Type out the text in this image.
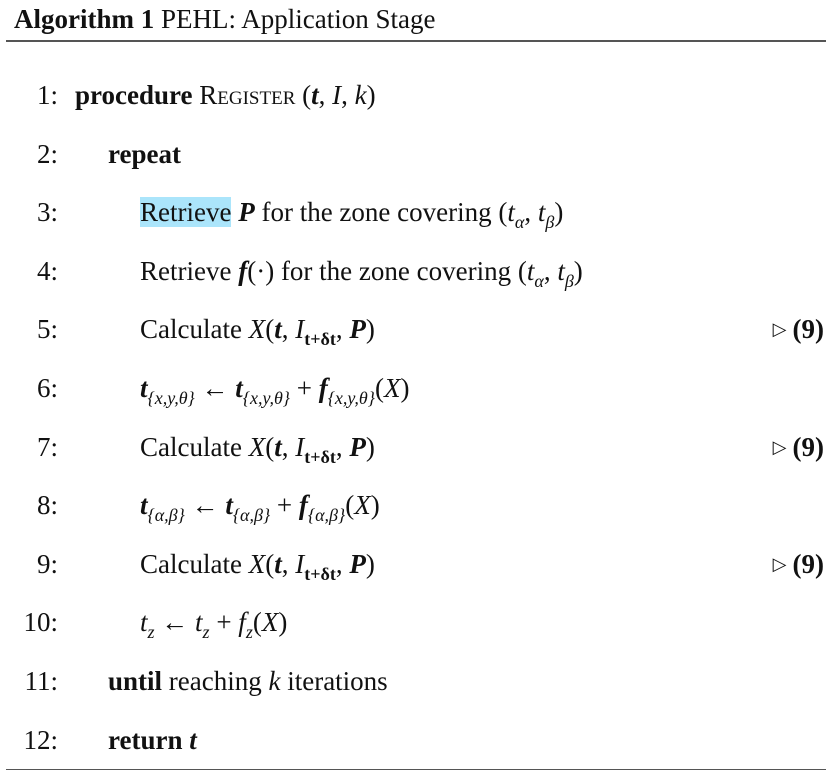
Algorithm 1 PEHL: Application Stage
1: procedure Register (t, I, k)
2: repeat
3:	Retrieve P for the zone covering ($t_\alpha$, $t_\beta$)
4:	Retrieve f(·) for the zone covering ($t_\alpha$, $t_\beta$)
5:	Calculate X(t, $I_{t+\delta t}$, P)	▷ (9)
6:	$t_{\{x,y,\theta\}}$ ← $t_{\{x,y,\theta\}} + f_{\{x,y,\theta\}}(X)$
7:	Calculate X(t, $I_{t+\delta t}$, P)	▷ (9)
8:	$t_{\{\alpha,\beta\}}$ ← $t_{\{\alpha,\beta\}} + f_{\{\alpha,\beta\}}(X)$
9:	Calculate X(t, $I_{t+\delta t}$, P)	▷ (9)
10:	$t_z$ ← $t_z + f_z(X)$
11: until reaching k iterations
12: return t
